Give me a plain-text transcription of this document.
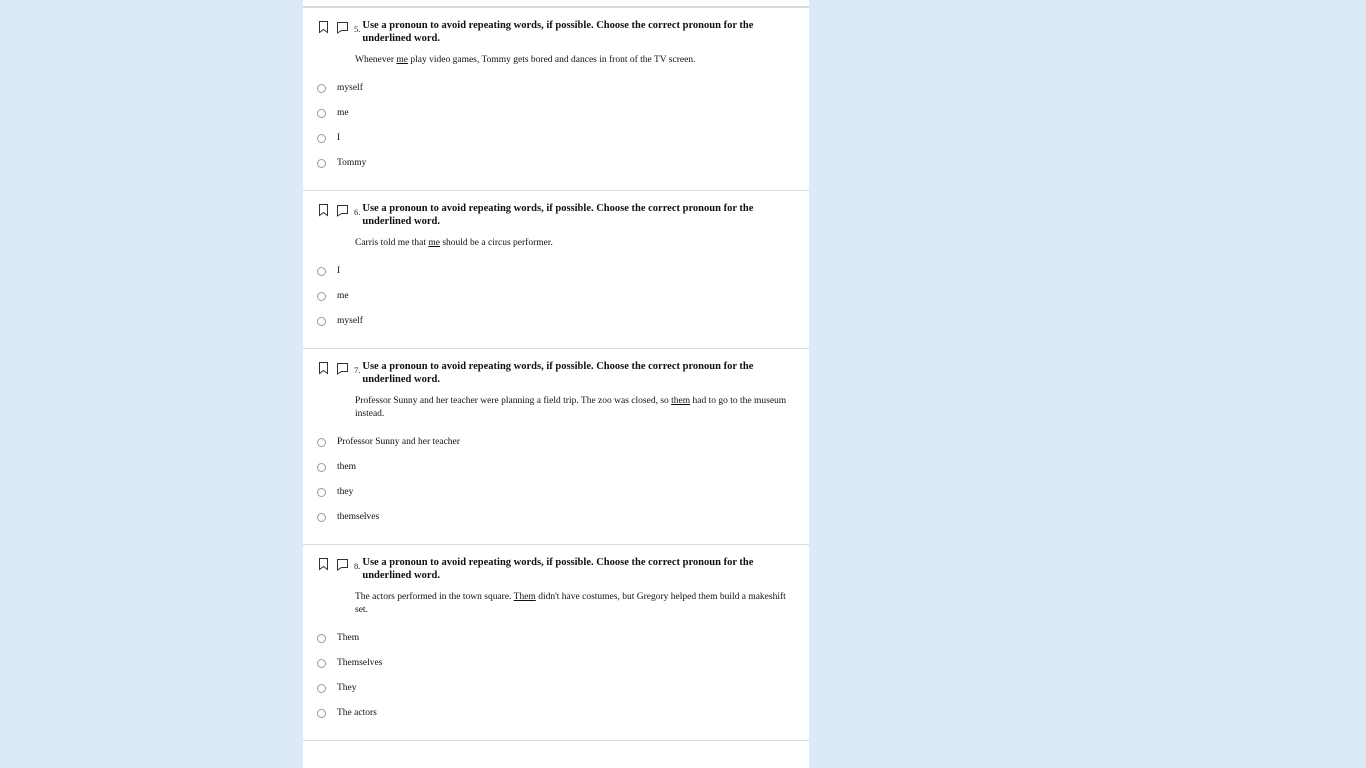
5. Use a pronoun to avoid repeating words, if possible. Choose the correct pronoun for the underlined word.
Whenever me play video games, Tommy gets bored and dances in front of the TV screen.
myself
me
I
Tommy
6. Use a pronoun to avoid repeating words, if possible. Choose the correct pronoun for the underlined word.
Carris told me that me should be a circus performer.
I
me
myself
7. Use a pronoun to avoid repeating words, if possible. Choose the correct pronoun for the underlined word.
Professor Sunny and her teacher were planning a field trip. The zoo was closed, so them had to go to the museum instead.
Professor Sunny and her teacher
them
they
themselves
8. Use a pronoun to avoid repeating words, if possible. Choose the correct pronoun for the underlined word.
The actors performed in the town square. Them didn't have costumes, but Gregory helped them build a makeshift set.
Them
Themselves
They
The actors
